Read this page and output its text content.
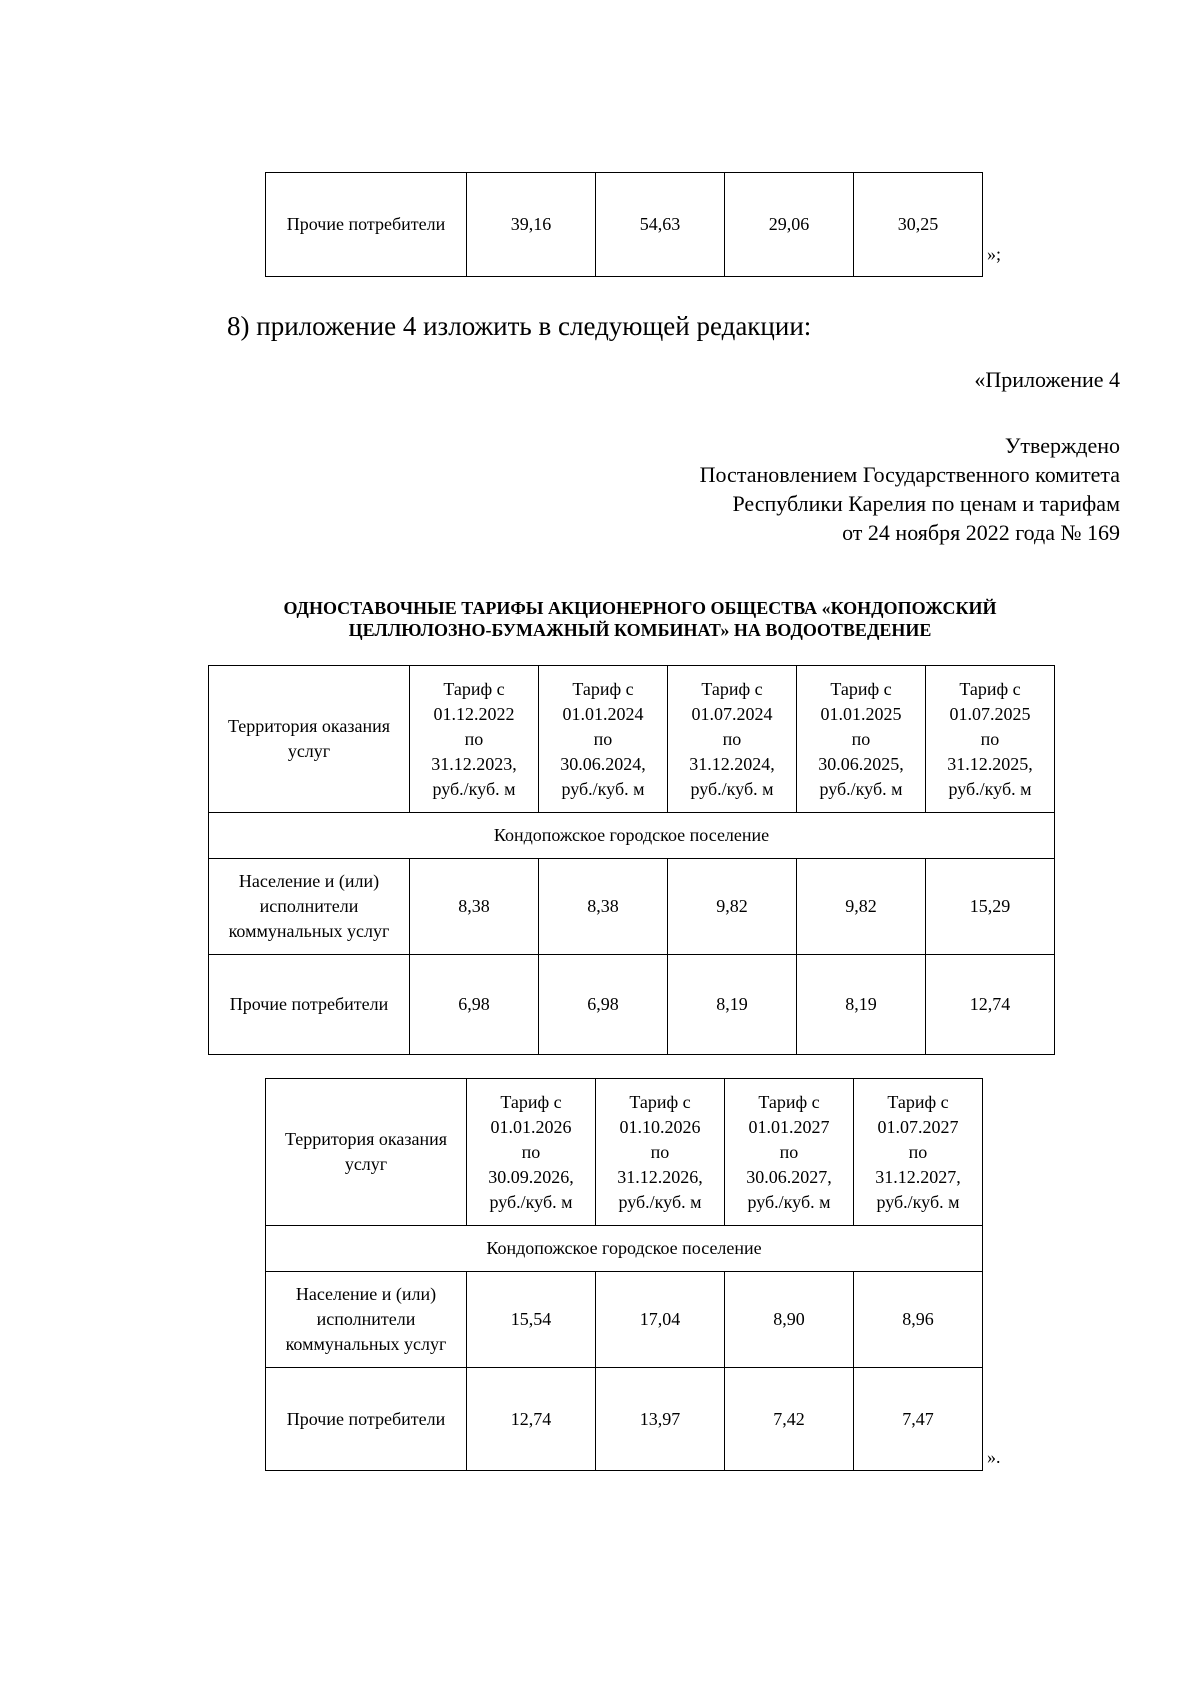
Прочие потребители	39,16	54,63	29,06	30,25
»;
8) приложение 4 изложить в следующей редакции:
«Приложение 4
Утверждено
Постановлением Государственного комитета
Республики Карелия по ценам и тарифам
от 24 ноября 2022 года № 169
ОДНОСТАВОЧНЫЕ ТАРИФЫ АКЦИОНЕРНОГО ОБЩЕСТВА «КОНДОПОЖСКИЙ
ЦЕЛЛЮЛОЗНО-БУМАЖНЫЙ КОМБИНАТ» НА ВОДООТВЕДЕНИЕ
Территория оказания услуг	Тариф с
01.12.2022
по
31.12.2023,
руб./куб. м	Тариф с
01.01.2024
по
30.06.2024,
руб./куб. м	Тариф с
01.07.2024
по
31.12.2024,
руб./куб. м	Тариф с
01.01.2025
по
30.06.2025,
руб./куб. м	Тариф с
01.07.2025
по
31.12.2025,
руб./куб. м

Кондопожское городское поселение					

Население и (или)
исполнители
коммунальных услуг	8,38	8,38	9,82	9,82	15,29
Прочие потребители	6,98	6,98	8,19	8,19	12,74
Территория оказания услуг	Тариф с
01.01.2026
по
30.09.2026,
руб./куб. м	Тариф с
01.10.2026
по
31.12.2026,
руб./куб. м	Тариф с
01.01.2027
по
30.06.2027,
руб./куб. м	Тариф с
01.07.2027
по
31.12.2027,
руб./куб. м

Кондопожское городское поселение				

Население и (или)
исполнители
коммунальных услуг	15,54	17,04	8,90	8,96
Прочие потребители	12,74	13,97	7,42	7,47
».
